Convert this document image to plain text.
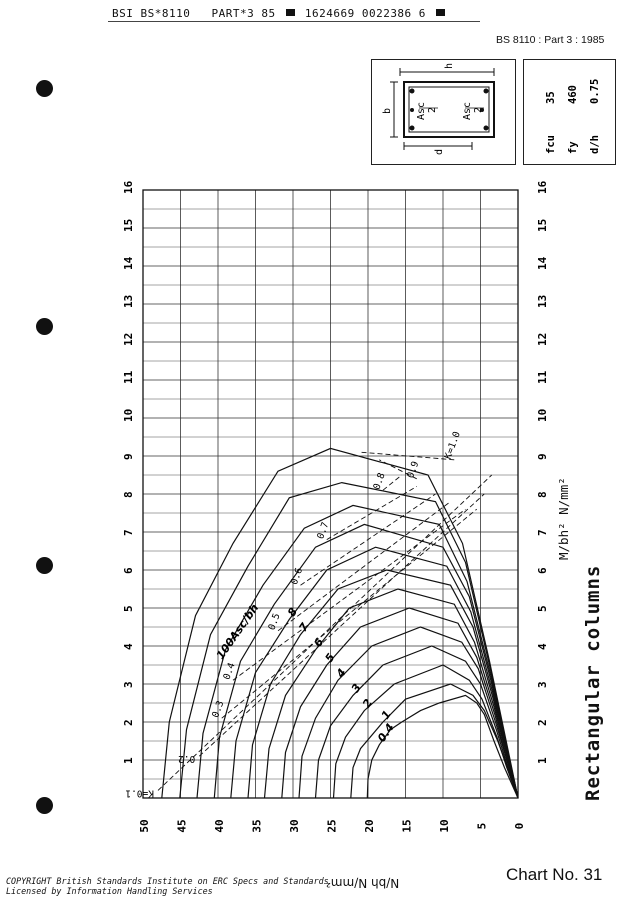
BSI BS*8110 PART*3 85	1624669 0022386 6
BS 8110 : Part 3 : 1985
h
b
d
Asc 2 Asc 2
fcu
35
fy
460
d/h
0.75
1	1
2	2
3	3
4	4
5	5
6	6
7	7
8	8
9	9
10	10
11	11
12	12
13	13
14	14
15	15
16	16
0
5
10
15
20
25
30
35
40
45
50
0.4
1
2
3
4
5
6
7
8
K=0.1
0.2
0.3
0.4
0.5
0.6
0.7
0.8
0.9
K=1.0
100Asc/bh
M/bh² N/mm²
N/bh N/mm²
Rectangular columns
Chart No. 31
COPYRIGHT British Standards Institute on ERC Specs and Standards
Licensed by Information Handling Services
